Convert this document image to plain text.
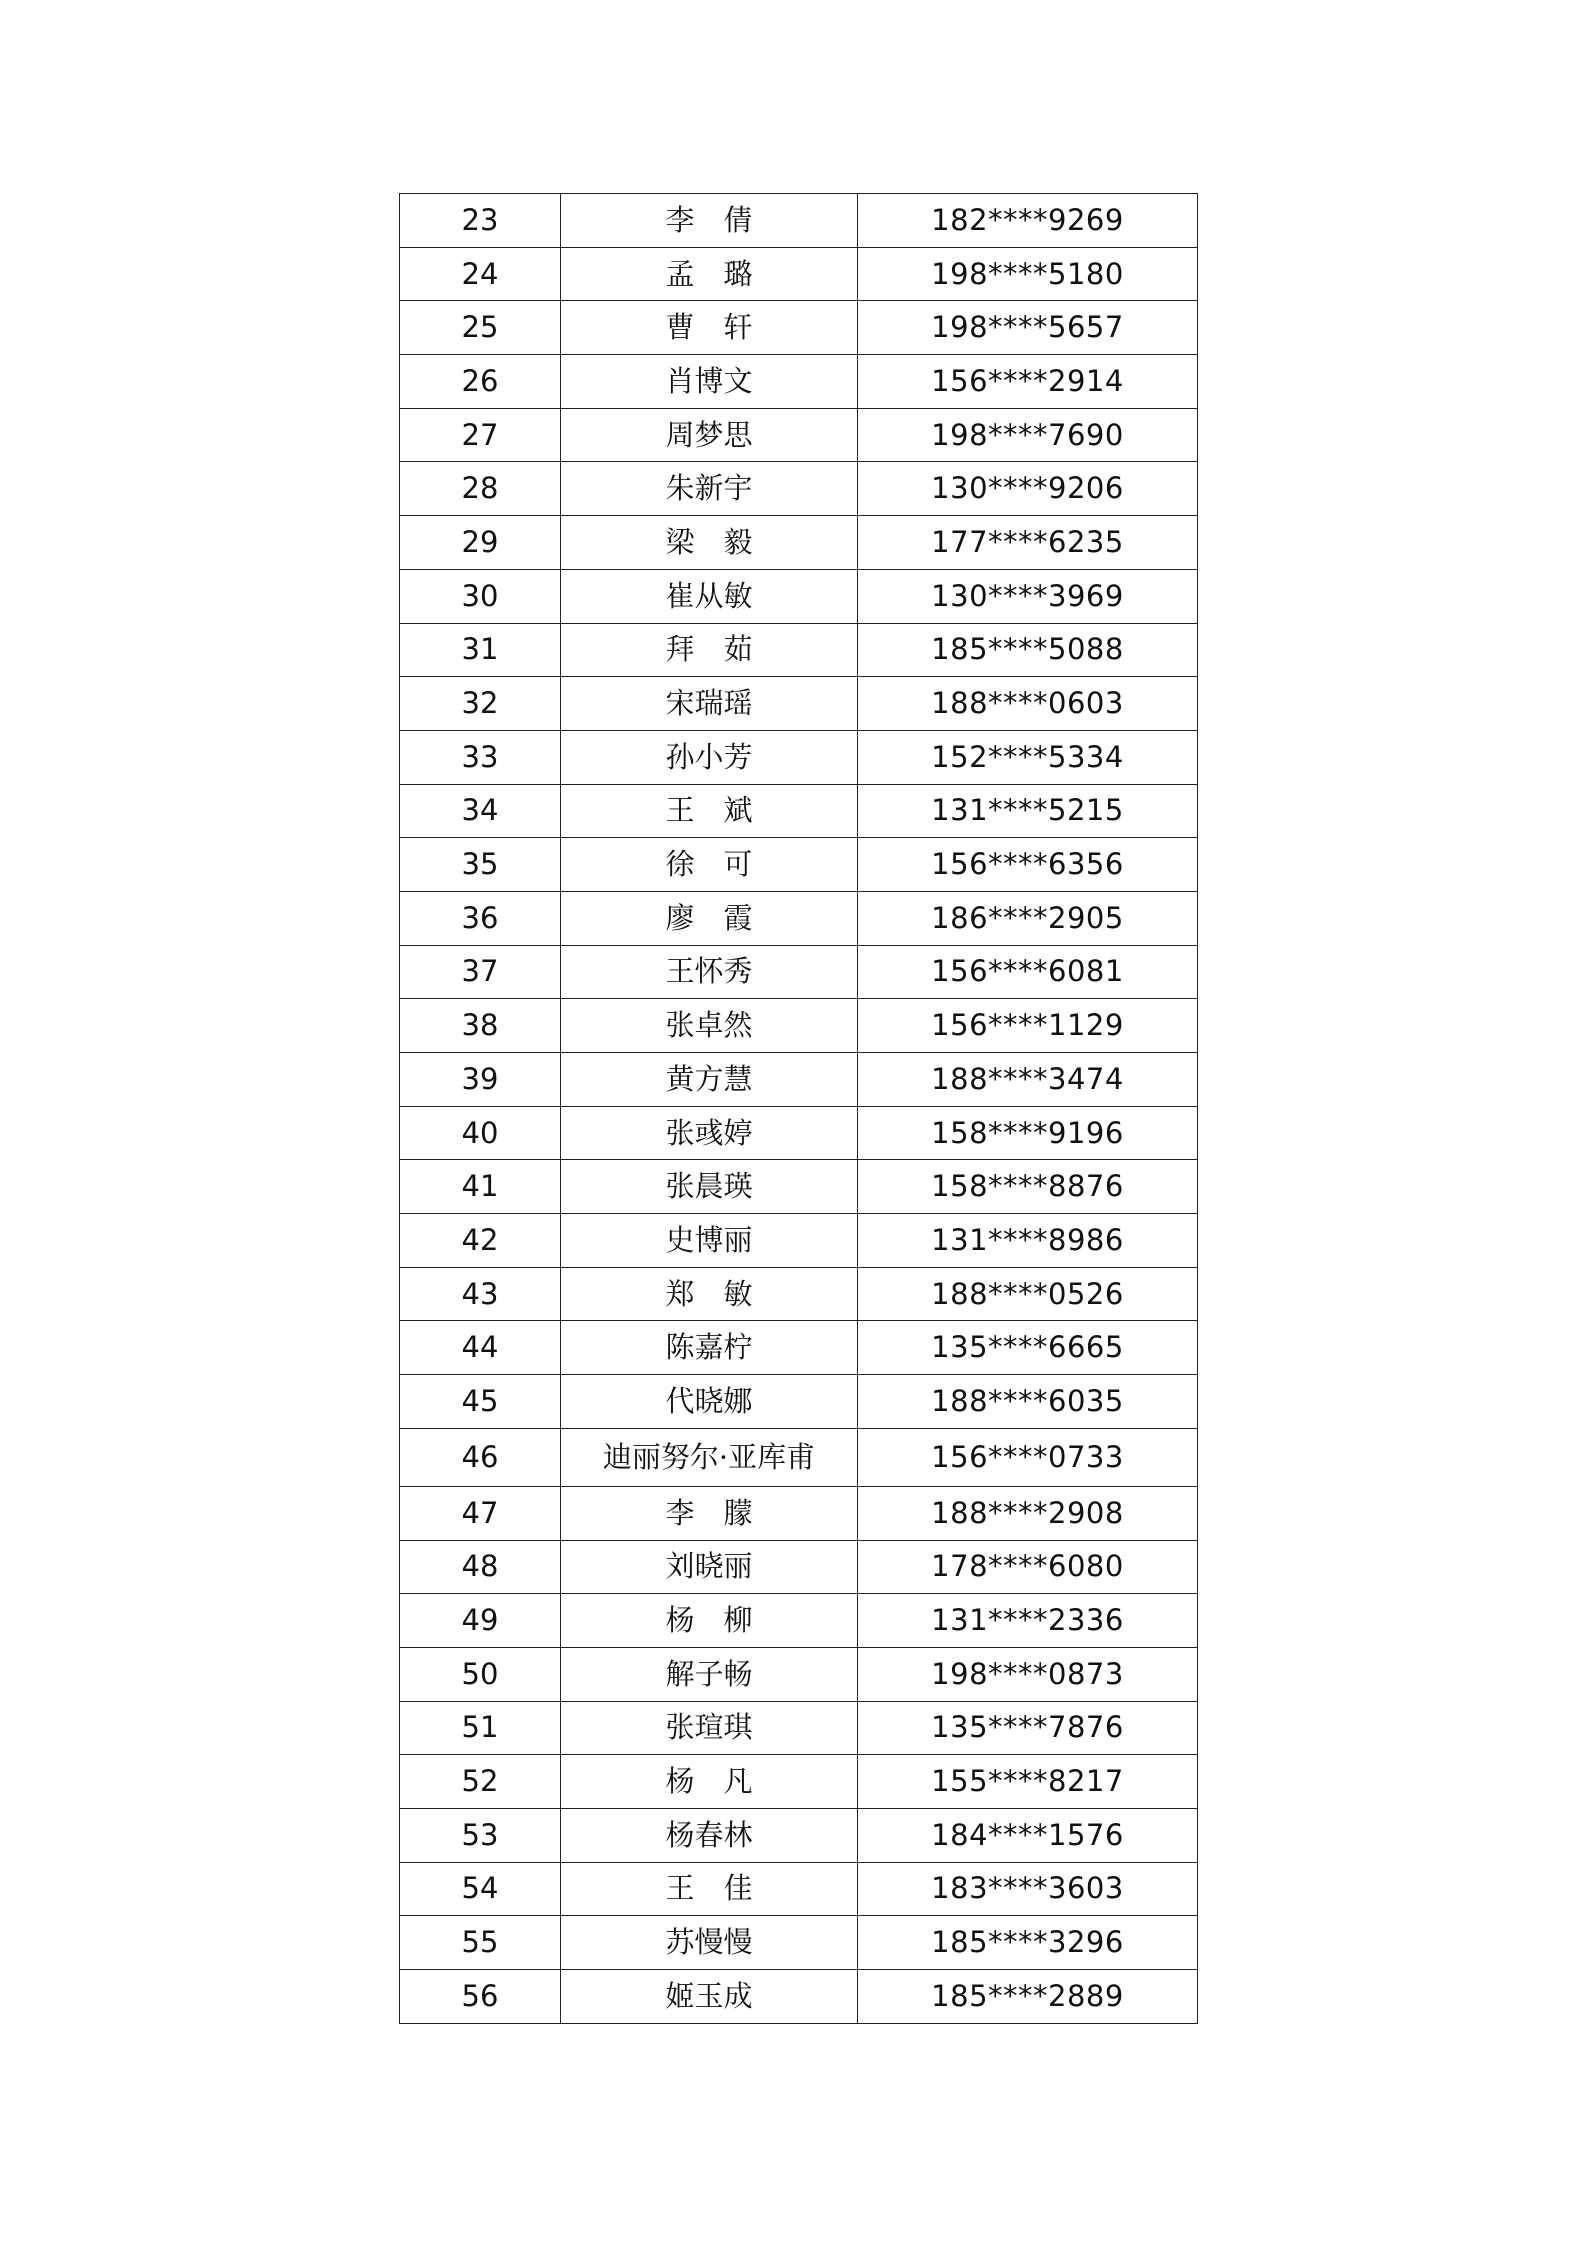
23	李　倩	182****9269
24	孟　璐	198****5180
25	曹　轩	198****5657
26	肖博文	156****2914
27	周梦思	198****7690
28	朱新宇	130****9206
29	梁　毅	177****6235
30	崔从敏	130****3969
31	拜　茹	185****5088
32	宋瑞瑶	188****0603
33	孙小芳	152****5334
34	王　斌	131****5215
35	徐　可	156****6356
36	廖　霞	186****2905
37	王怀秀	156****6081
38	张卓然	156****1129
39	黄方慧	188****3474
40	张彧婷	158****9196
41	张晨瑛	158****8876
42	史博丽	131****8986
43	郑　敏	188****0526
44	陈嘉柠	135****6665
45	代晓娜	188****6035
46	迪丽努尔·亚库甫	156****0733
47	李　朦	188****2908
48	刘晓丽	178****6080
49	杨　柳	131****2336
50	解子畅	198****0873
51	张瑄琪	135****7876
52	杨　凡	155****8217
53	杨春林	184****1576
54	王　佳	183****3603
55	苏慢慢	185****3296
56	姬玉成	185****2889
